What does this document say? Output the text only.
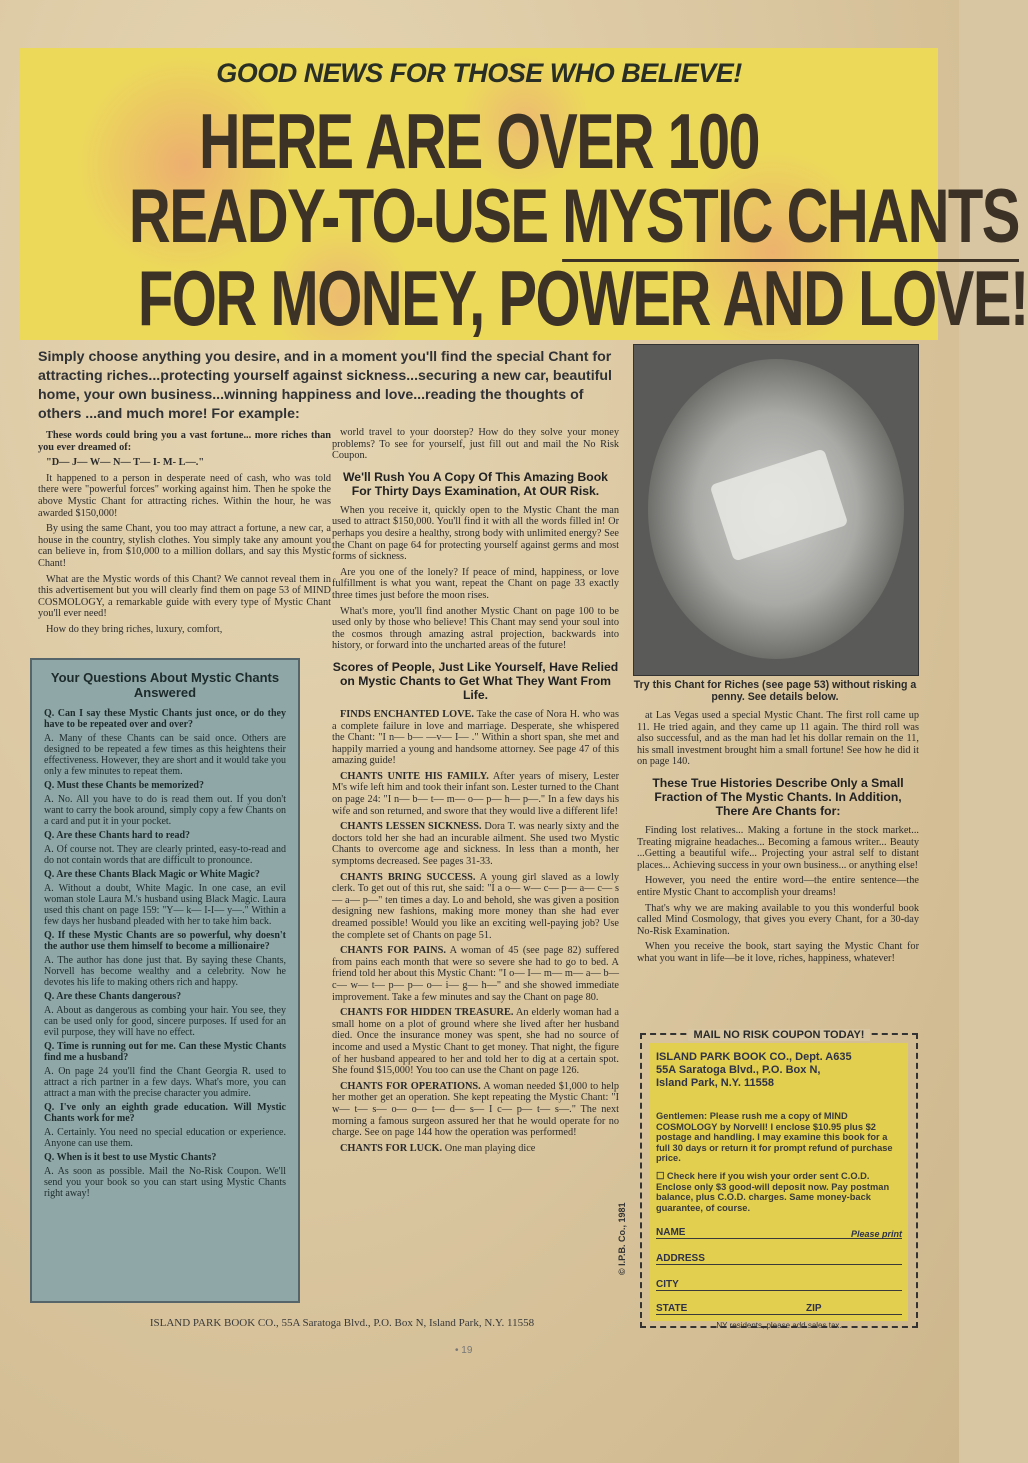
GOOD NEWS FOR THOSE WHO BELIEVE!
HERE ARE OVER 100
READY-TO-USE MYSTIC CHANTS
FOR MONEY, POWER AND LOVE!
Simply choose anything you desire, and in a moment you'll find the special Chant for attracting riches...protecting yourself against sickness...securing a new car, beautiful home, your own business...winning happiness and love...reading the thoughts of others ...and much more! For example:

These words could bring you a vast fortune... more riches than you ever dreamed of:

"D— J— W— N— T— I- M- L—."

It happened to a person in desperate need of cash, who was told there were "powerful forces" working against him. Then he spoke the above Mystic Chant for attracting riches. Within the hour, he was awarded $150,000!

By using the same Chant, you too may attract a fortune, a new car, a house in the country, stylish clothes. You simply take any amount you can believe in, from $10,000 to a million dollars, and say this Mystic Chant!

What are the Mystic words of this Chant? We cannot reveal them in this advertisement but you will clearly find them on page 53 of MIND COSMOLOGY, a remarkable guide with every type of Mystic Chant you'll ever need!

How do they bring riches, luxury, comfort,

Your Questions About Mystic Chants Answered

Q. Can I say these Mystic Chants just once, or do they have to be repeated over and over?

A. Many of these Chants can be said once. Others are designed to be repeated a few times as this heightens their effectiveness. However, they are short and it would take you only a few minutes to repeat them.

Q. Must these Chants be memorized?

A. No. All you have to do is read them out. If you don't want to carry the book around, simply copy a few Chants on a card and put it in your pocket.

Q. Are these Chants hard to read?

A. Of course not. They are clearly printed, easy-to-read and do not contain words that are difficult to pronounce.

Q. Are these Chants Black Magic or White Magic?

A. Without a doubt, White Magic. In one case, an evil woman stole Laura M.'s husband using Black Magic. Laura used this chant on page 159: "Y— k— I-I— y—." Within a few days her husband pleaded with her to take him back.

Q. If these Mystic Chants are so powerful, why doesn't the author use them himself to become a millionaire?

A. The author has done just that. By saying these Chants, Norvell has become wealthy and a celebrity. Now he devotes his life to making others rich and happy.

Q. Are these Chants dangerous?

A. About as dangerous as combing your hair. You see, they can be used only for good, sincere purposes. If used for an evil purpose, they will have no effect.

Q. Time is running out for me. Can these Mystic Chants find me a husband?

A. On page 24 you'll find the Chant Georgia R. used to attract a rich partner in a few days. What's more, you can attract a man with the precise character you admire.

Q. I've only an eighth grade education. Will Mystic Chants work for me?

A. Certainly. You need no special education or experience. Anyone can use them.

Q. When is it best to use Mystic Chants?

A. As soon as possible. Mail the No-Risk Coupon. We'll send you your book so you can start using Mystic Chants right away!

world travel to your doorstep? How do they solve your money problems? To see for yourself, just fill out and mail the No Risk Coupon.

We'll Rush You A Copy Of This Amazing Book For Thirty Days Examination, At OUR Risk.

When you receive it, quickly open to the Mystic Chant the man used to attract $150,000. You'll find it with all the words filled in! Or perhaps you desire a healthy, strong body with unlimited energy? See the Chant on page 64 for protecting yourself against germs and most forms of sickness.

Are you one of the lonely? If peace of mind, happiness, or love fulfillment is what you want, repeat the Chant on page 33 exactly three times just before the moon rises.

What's more, you'll find another Mystic Chant on page 100 to be used only by those who believe! This Chant may send your soul into the cosmos through amazing astral projection, backwards into history, or forward into the uncharted areas of the future!

Scores of People, Just Like Yourself, Have Relied on Mystic Chants to Get What They Want From Life.

FINDS ENCHANTED LOVE. Take the case of Nora H. who was a complete failure in love and marriage. Desperate, she whispered the Chant: "I n— b— —v— I— ." Within a short span, she met and happily married a young and handsome attorney. See page 47 of this amazing guide!

CHANTS UNITE HIS FAMILY. After years of misery, Lester M's wife left him and took their infant son. Lester turned to the Chant on page 24: "I n— b— t— m— o— p— h— p—." In a few days his wife and son returned, and swore that they would live a different life!

CHANTS LESSEN SICKNESS. Dora T. was nearly sixty and the doctors told her she had an incurable ailment. She used two Mystic Chants to overcome age and sickness. In less than a month, her symptoms decreased. See pages 31-33.

CHANTS BRING SUCCESS. A young girl slaved as a lowly clerk. To get out of this rut, she said: "I a o— w— c— p— a— c— s— a— p—" ten times a day. Lo and behold, she was given a position designing new fashions, making more money than she had ever dreamed possible! Would you like an exciting well-paying job? Use the complete set of Chants on page 51.

CHANTS FOR PAINS. A woman of 45 (see page 82) suffered from pains each month that were so severe she had to go to bed. A friend told her about this Mystic Chant: "I o— I— m— m— a— b— c— w— t— p— p— o— i— g— h—" and she showed immediate improvement. Take a few minutes and say the Chant on page 80.

CHANTS FOR HIDDEN TREASURE. An elderly woman had a small home on a plot of ground where she lived after her husband died. Once the insurance money was spent, she had no source of income and used a Mystic Chant to get money. That night, the figure of her husband appeared to her and told her to dig at a certain spot. She found $15,000! You too can use the Chant on page 126.

CHANTS FOR OPERATIONS. A woman needed $1,000 to help her mother get an operation. She kept repeating the Mystic Chant: "I w— t— s— o— o— t— d— s— I c— p— t— s—." The next morning a famous surgeon assured her that he would operate for no charge. See on page 144 how the operation was performed!

CHANTS FOR LUCK. One man playing dice

Try this Chant for Riches (see page 53) without risking a penny. See details below.

at Las Vegas used a special Mystic Chant. The first roll came up 11. He tried again, and they came up 11 again. The third roll was also successful, and as the man had let his dollar remain on the 11, his small investment brought him a small fortune! See how he did it on page 140.

These True Histories Describe Only a Small Fraction of The Mystic Chants. In Addition, There Are Chants for:

Finding lost relatives... Making a fortune in the stock market... Treating migraine headaches... Becoming a famous writer... Beauty ...Getting a beautiful wife... Projecting your astral self to distant places... Achieving success in your own business... or anything else!

However, you need the entire word—the entire sentence—the entire Mystic Chant to accomplish your dreams!

That's why we are making available to you this wonderful book called Mind Cosmology, that gives you every Chant, for a 30-day No-Risk Examination.

When you receive the book, start saying the Mystic Chant for what you want in life—be it love, riches, happiness, whatever!

ISLAND PARK BOOK CO., Dept. A635
55A Saratoga Blvd., P.O. Box N,
Island Park, N.Y. 11558
Gentlemen: Please rush me a copy of MIND COSMOLOGY by Norvell! I enclose $10.95 plus $2 postage and handling. I may examine this book for a full 30 days or return it for prompt refund of purchase price.
☐ Check here if you wish your order sent C.O.D. Enclose only $3 good-will deposit now. Pay postman balance, plus C.O.D. charges. Same money-back guarantee, of course.
NAME	Please print
ADDRESS
CITY
STATE	ZIP
NY residents, please add sales tax.
MAIL NO RISK COUPON TODAY!
© I.P.B. Co., 1981
ISLAND PARK BOOK CO., 55A Saratoga Blvd., P.O. Box N, Island Park, N.Y. 11558
• 19
